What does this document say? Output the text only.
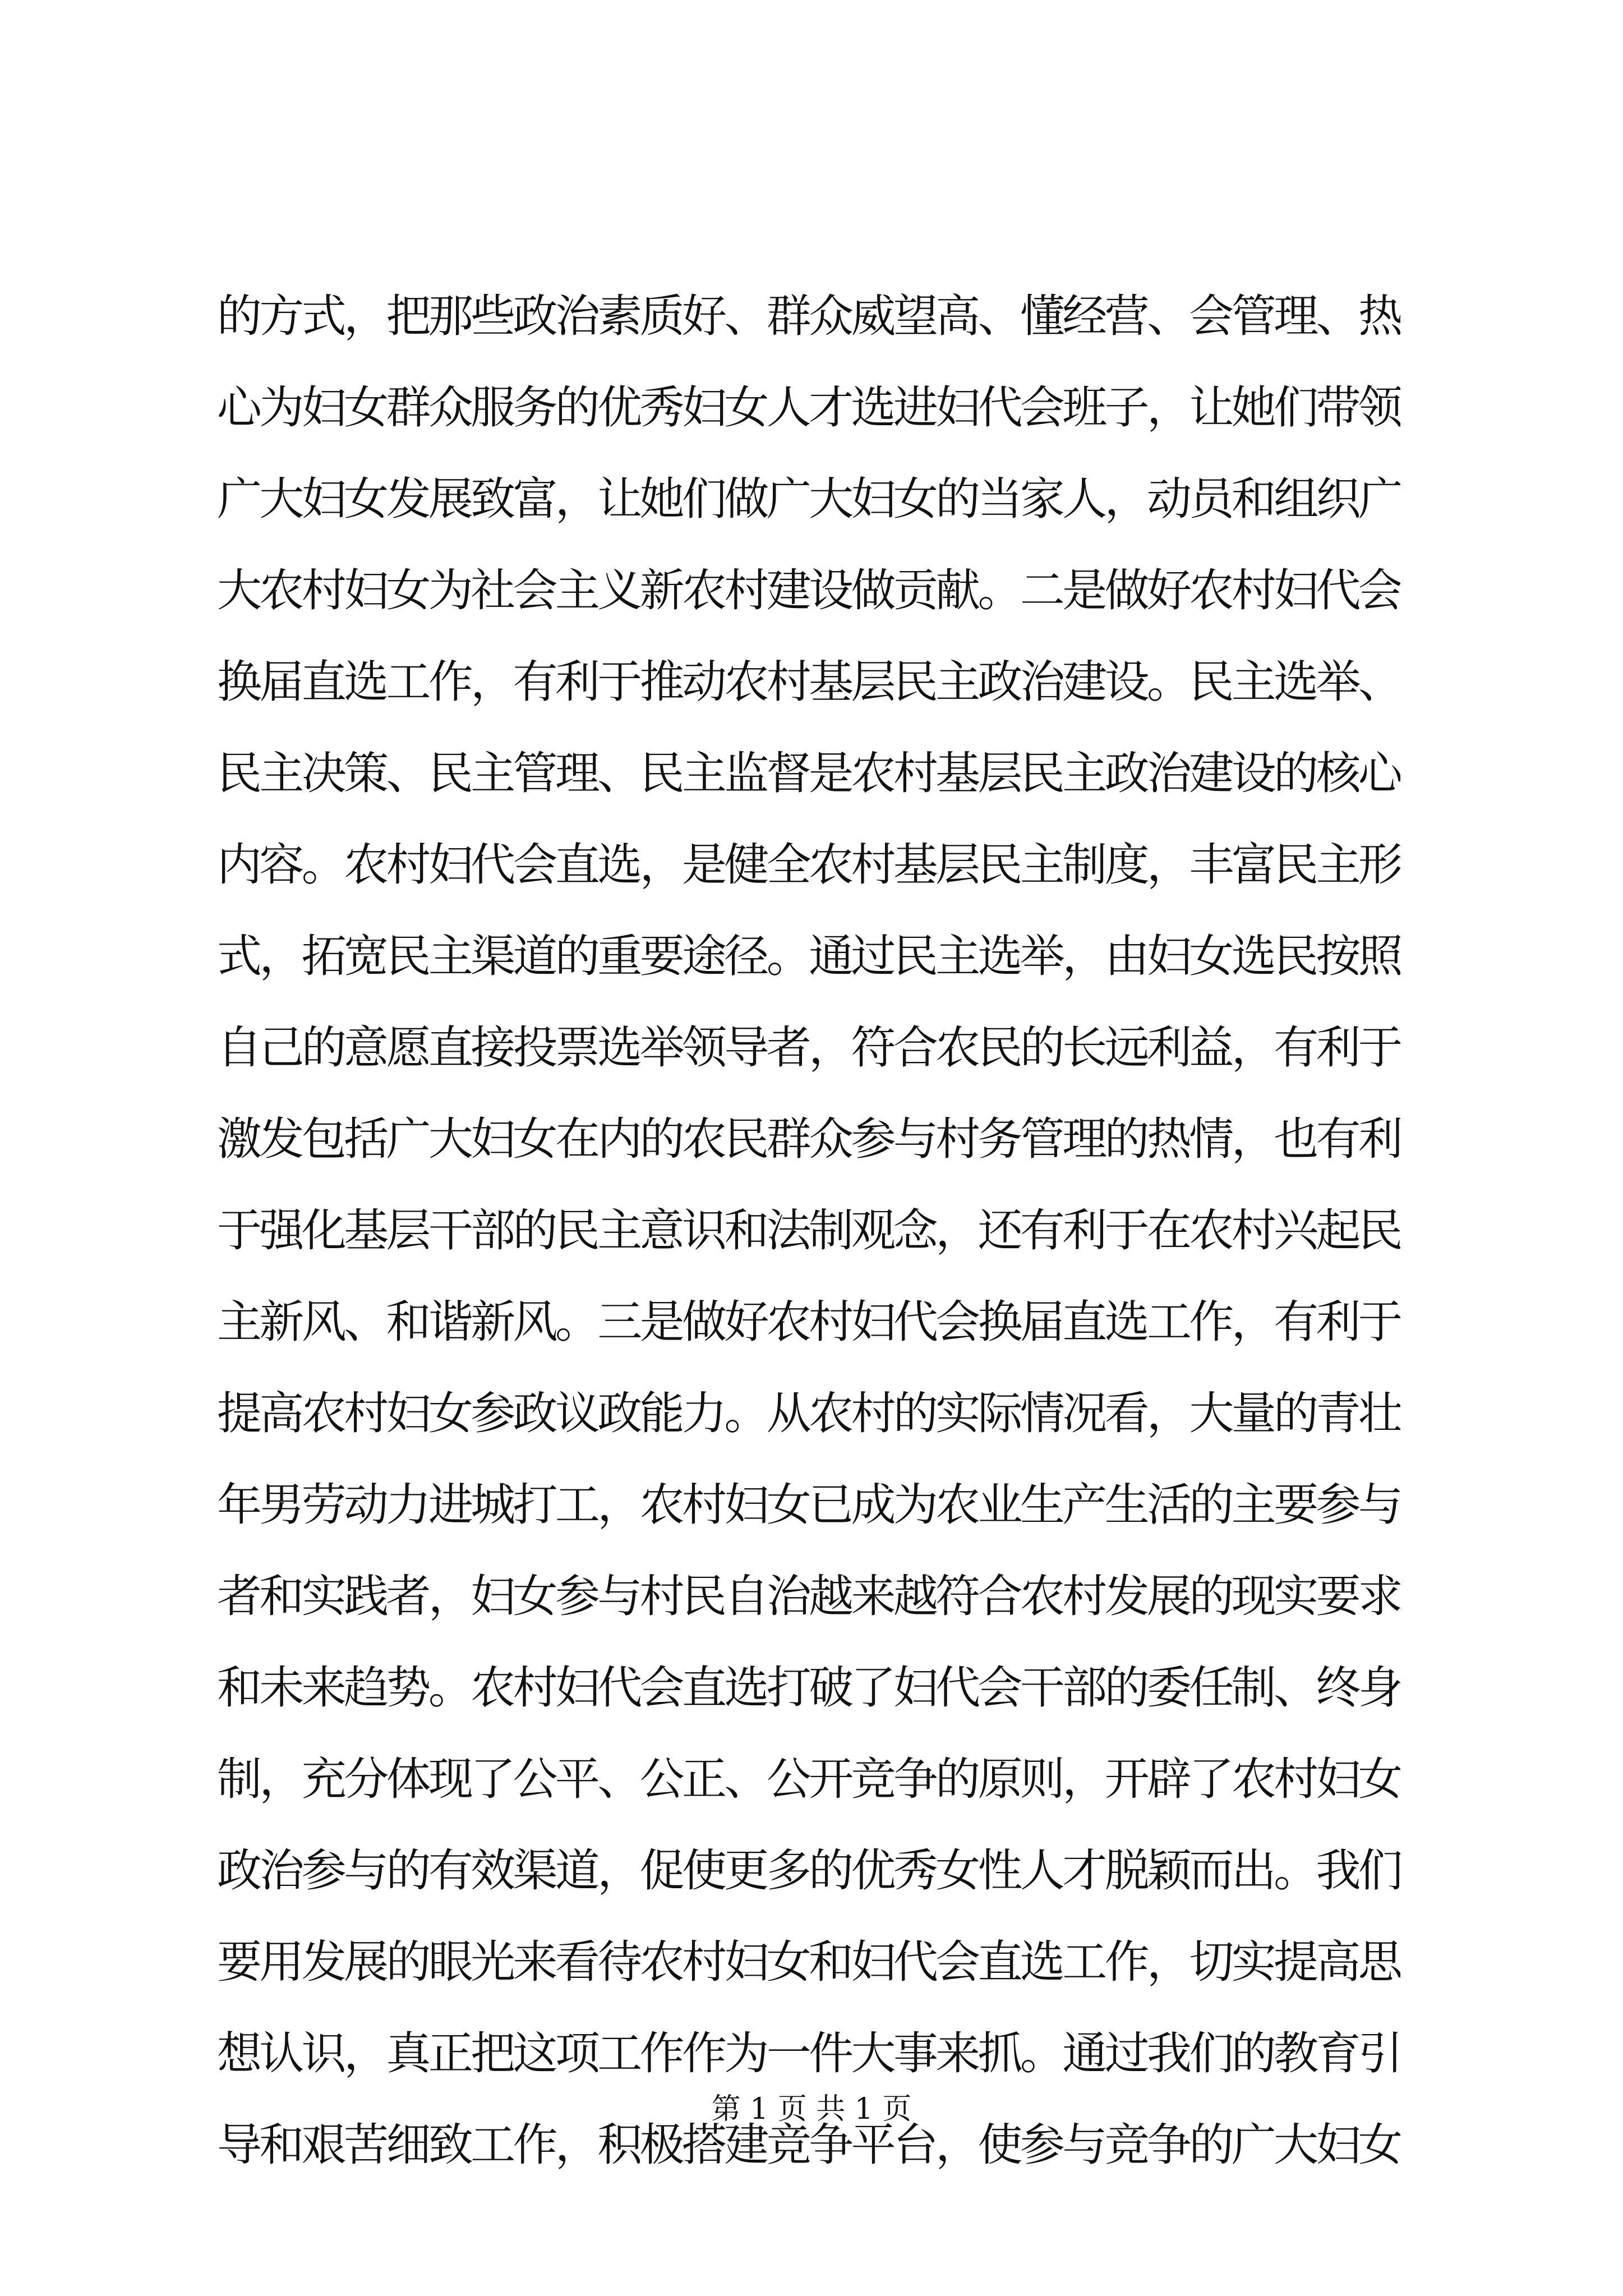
的方式，把那些政治素质好、群众威望高、懂经营、会管理、热
心为妇女群众服务的优秀妇女人才选进妇代会班子，让她们带领
广大妇女发展致富，让她们做广大妇女的当家人，动员和组织广
大农村妇女为社会主义新农村建设做贡献。二是做好农村妇代会
换届直选工作，有利于推动农村基层民主政治建设。民主选举、
民主决策、民主管理、民主监督是农村基层民主政治建设的核心
内容。农村妇代会直选，是健全农村基层民主制度，丰富民主形
式，拓宽民主渠道的重要途径。通过民主选举，由妇女选民按照
自己的意愿直接投票选举领导者，符合农民的长远利益，有利于
激发包括广大妇女在内的农民群众参与村务管理的热情，也有利
于强化基层干部的民主意识和法制观念，还有利于在农村兴起民
主新风、和谐新风。三是做好农村妇代会换届直选工作，有利于
提高农村妇女参政议政能力。从农村的实际情况看，大量的青壮
年男劳动力进城打工，农村妇女已成为农业生产生活的主要参与
者和实践者，妇女参与村民自治越来越符合农村发展的现实要求
和未来趋势。农村妇代会直选打破了妇代会干部的委任制、终身
制，充分体现了公平、公正、公开竞争的原则，开辟了农村妇女
政治参与的有效渠道，促使更多的优秀女性人才脱颖而出。我们
要用发展的眼光来看待农村妇女和妇代会直选工作，切实提高思
想认识，真正把这项工作作为一件大事来抓。通过我们的教育引
导和艰苦细致工作，积极搭建竞争平台，使参与竞争的广大妇女
第 1 页 共 1 页
